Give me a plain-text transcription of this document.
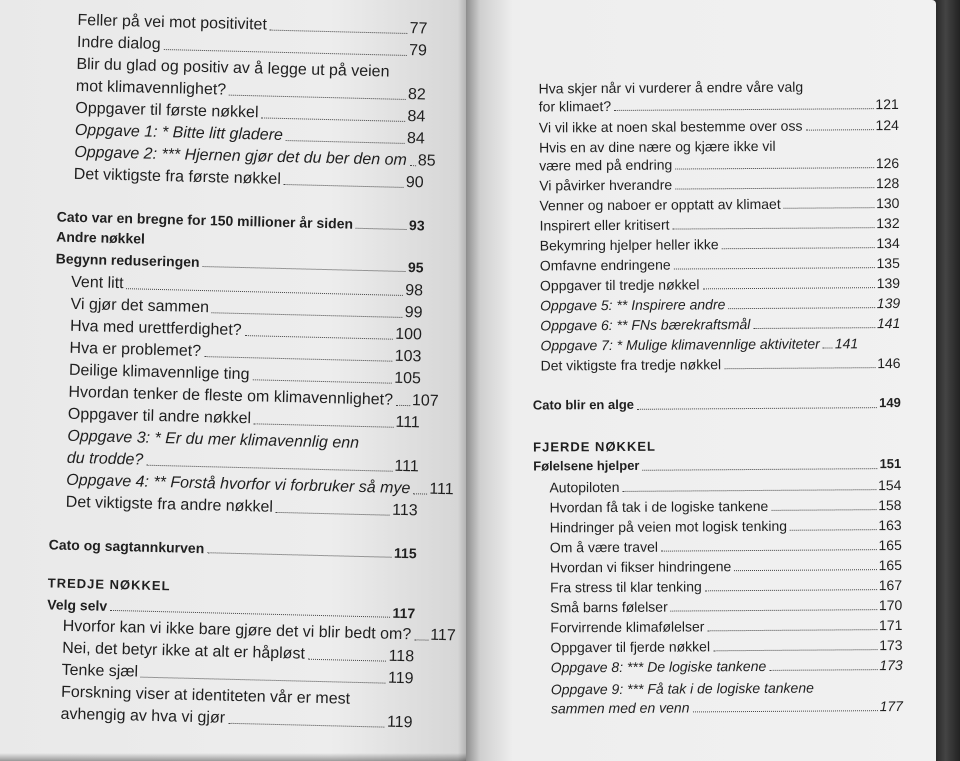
Feller på vei mot positivitet	77
Indre dialog	79
Blir du glad og positiv av å legge ut på veien
mot klimavennlighet?	82
Oppgaver til første nøkkel	84
Oppgave 1: * Bitte litt gladere	84
Oppgave 2: *** Hjernen gjør det du ber den om 85
Det viktigste fra første nøkkel	90
Cato var en bregne for 150 millioner år siden	93
Andre nøkkel
Begynn reduseringen	95
Vent litt	98
Vi gjør det sammen	99
Hva med urettferdighet?	100
Hva er problemet?	103
Deilige klimavennlige ting	105
Hvordan tenker de fleste om klimavennlighet? 107
Oppgaver til andre nøkkel	111
Oppgave 3: * Er du mer klimavennlig enn
du trodde?	111
Oppgave 4: ** Forstå hvorfor vi forbruker så mye 111
Det viktigste fra andre nøkkel	113
Cato og sagtannkurven	115
TREDJE NØKKEL
Velg selv	117
Hvorfor kan vi ikke bare gjøre det vi blir bedt om? 117
Nei, det betyr ikke at alt er håpløst	118
Tenke sjæl	119
Forskning viser at identiteten vår er mest
avhengig av hva vi gjør	119
Hva skjer når vi vurderer å endre våre valg
for klimaet?	121
Vi vil ikke at noen skal bestemme over oss	124
Hvis en av dine nære og kjære ikke vil
være med på endring	126
Vi påvirker hverandre	128
Venner og naboer er opptatt av klimaet	130
Inspirert eller kritisert	132
Bekymring hjelper heller ikke	134
Omfavne endringene	135
Oppgaver til tredje nøkkel	139
Oppgave 5: ** Inspirere andre	139
Oppgave 6: ** FNs bærekraftsmål	141
Oppgave 7: * Mulige klimavennlige aktiviteter 141
Det viktigste fra tredje nøkkel	146
Cato blir en alge	149
FJERDE NØKKEL
Følelsene hjelper	151
Autopiloten	154
Hvordan få tak i de logiske tankene	158
Hindringer på veien mot logisk tenking	163
Om å være travel	165
Hvordan vi fikser hindringene	165
Fra stress til klar tenking	167
Små barns følelser	170
Forvirrende klimafølelser	171
Oppgaver til fjerde nøkkel	173
Oppgave 8: *** De logiske tankene	173
Oppgave 9: *** Få tak i de logiske tankene
sammen med en venn	177
